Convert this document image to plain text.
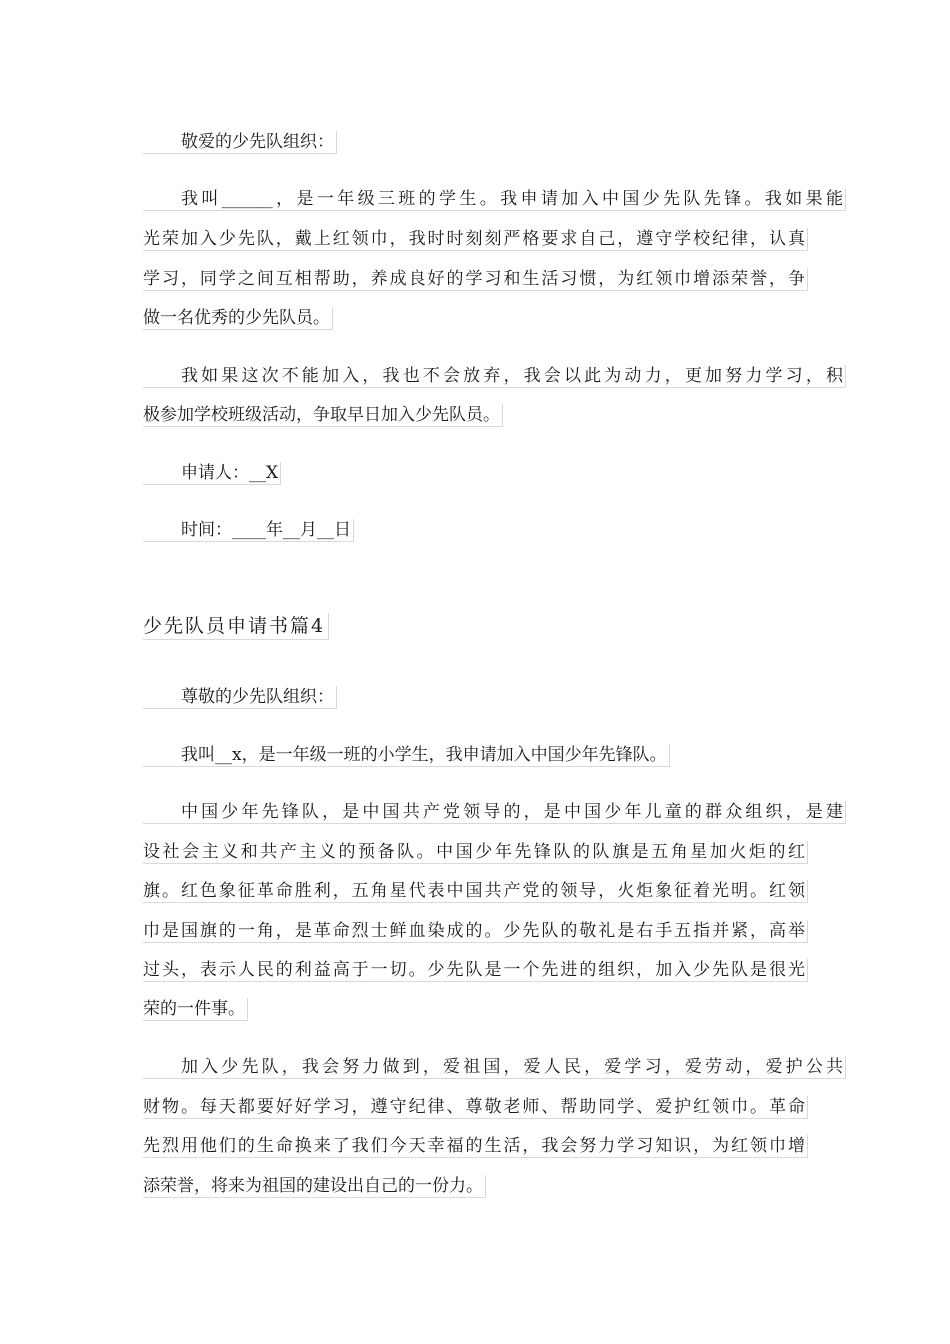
敬爱的少先队组织：
我叫______，是一年级三班的学生。我申请加入中国少先队先锋。我如果能
光荣加入少先队，戴上红领巾，我时时刻刻严格要求自己，遵守学校纪律，认真
学习，同学之间互相帮助，养成良好的学习和生活习惯，为红领巾增添荣誉，争
做一名优秀的少先队员。
我如果这次不能加入，我也不会放弃，我会以此为动力，更加努力学习，积
极参加学校班级活动，争取早日加入少先队员。
申请人：__X
时间：____年__月__日
少先队员申请书篇4
尊敬的少先队组织：
我叫__x，是一年级一班的小学生，我申请加入中国少年先锋队。
中国少年先锋队，是中国共产党领导的，是中国少年儿童的群众组织，是建
设社会主义和共产主义的预备队。中国少年先锋队的队旗是五角星加火炬的红
旗。红色象征革命胜利，五角星代表中国共产党的领导，火炬象征着光明。红领
巾是国旗的一角，是革命烈士鲜血染成的。少先队的敬礼是右手五指并紧，高举
过头，表示人民的利益高于一切。少先队是一个先进的组织，加入少先队是很光
荣的一件事。
加入少先队，我会努力做到，爱祖国，爱人民，爱学习，爱劳动，爱护公共
财物。每天都要好好学习，遵守纪律、尊敬老师、帮助同学、爱护红领巾。革命
先烈用他们的生命换来了我们今天幸福的生活，我会努力学习知识，为红领巾增
添荣誉，将来为祖国的建设出自己的一份力。
